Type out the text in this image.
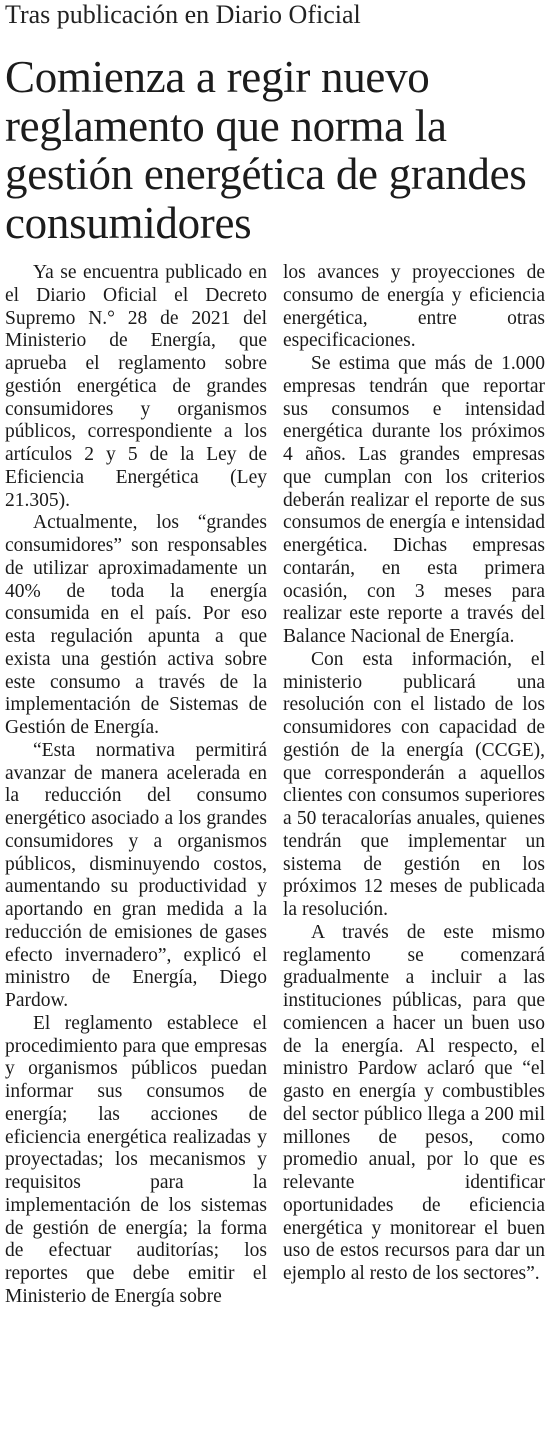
Tras publicación en Diario Oficial
Comienza a regir nuevo reglamento que norma la gestión energética de grandes consumidores

Ya se encuentra publicado en el Diario Oficial el Decreto Supremo N.° 28 de 2021 del Ministerio de Energía, que aprueba el reglamento sobre gestión energética de grandes consumidores y organismos públicos, correspondiente a los artículos 2 y 5 de la Ley de Eficiencia Energética (Ley 21.305).

Actualmente, los “grandes consumidores” son responsables de utilizar aproximadamente un 40% de toda la energía consumida en el país. Por eso esta regulación apunta a que exista una gestión activa sobre este consumo a través de la implementación de Sistemas de Gestión de Energía.

“Esta normativa permitirá avanzar de manera acelerada en la reducción del consumo energético asociado a los grandes consumidores y a organismos públicos, disminuyendo costos, aumentando su productividad y aportando en gran medida a la reducción de emisiones de gases efecto invernadero”, explicó el ministro de Energía, Diego Pardow.

El reglamento establece el procedimiento para que empresas y organismos públicos puedan informar sus consumos de energía; las acciones de eficiencia energética realizadas y proyectadas; los mecanismos y requisitos para la implementación de los sistemas de gestión de energía; la forma de efectuar auditorías; los reportes que debe emitir el Ministerio de Energía sobre

los avances y proyecciones de consumo de energía y eficiencia energética, entre otras especificaciones.

Se estima que más de 1.000 empresas tendrán que reportar sus consumos e intensidad energética durante los próximos 4 años. Las grandes empresas que cumplan con los criterios deberán realizar el reporte de sus consumos de energía e intensidad energética. Dichas empresas contarán, en esta primera ocasión, con 3 meses para realizar este reporte a través del Balance Nacional de Energía.

Con esta información, el ministerio publicará una resolución con el listado de los consumidores con capacidad de gestión de la energía (CCGE), que corresponderán a aquellos clientes con consumos superiores a 50 teracalorías anuales, quienes tendrán que implementar un sistema de gestión en los próximos 12 meses de publicada la resolución.

A través de este mismo reglamento se comenzará gradualmente a incluir a las instituciones públicas, para que comiencen a hacer un buen uso de la energía. Al respecto, el ministro Pardow aclaró que “el gasto en energía y combustibles del sector público llega a 200 mil millones de pesos, como promedio anual, por lo que es relevante identificar oportunidades de eficiencia energética y monitorear el buen uso de estos recursos para dar un ejemplo al resto de los sectores”.
